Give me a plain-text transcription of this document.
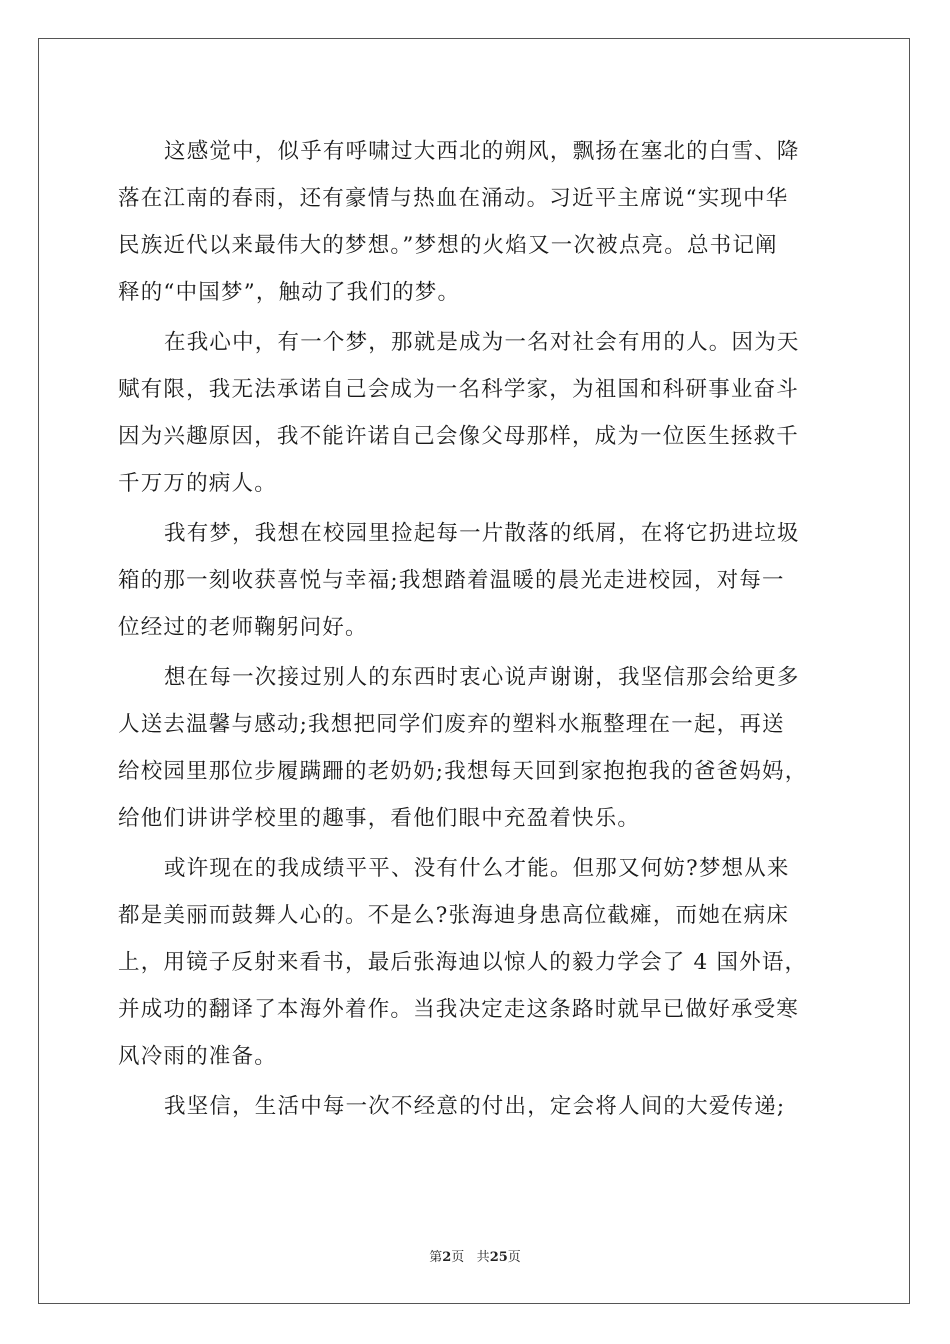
这感觉中，似乎有呼啸过大西北的朔风，飘扬在塞北的白雪、降
落在江南的春雨，还有豪情与热血在涌动。习近平主席说“实现中华
民族近代以来最伟大的梦想。”梦想的火焰又一次被点亮。总书记阐
释的“中国梦”，触动了我们的梦。
在我心中，有一个梦，那就是成为一名对社会有用的人。因为天
赋有限，我无法承诺自己会成为一名科学家，为祖国和科研事业奋斗
因为兴趣原因，我不能许诺自己会像父母那样，成为一位医生拯救千
千万万的病人。
我有梦，我想在校园里捡起每一片散落的纸屑，在将它扔进垃圾
箱的那一刻收获喜悦与幸福;我想踏着温暖的晨光走进校园，对每一
位经过的老师鞠躬问好。
想在每一次接过别人的东西时衷心说声谢谢，我坚信那会给更多
人送去温馨与感动;我想把同学们废弃的塑料水瓶整理在一起，再送
给校园里那位步履蹒跚的老奶奶;我想每天回到家抱抱我的爸爸妈妈，
给他们讲讲学校里的趣事，看他们眼中充盈着快乐。
或许现在的我成绩平平、没有什么才能。但那又何妨?梦想从来
都是美丽而鼓舞人心的。不是么?张海迪身患高位截瘫，而她在病床
上，用镜子反射来看书，最后张海迪以惊人的毅力学会了 4 国外语，
并成功的翻译了本海外着作。当我决定走这条路时就早已做好承受寒
风冷雨的准备。
我坚信，生活中每一次不经意的付出，定会将人间的大爱传递;
第2页 共25页
